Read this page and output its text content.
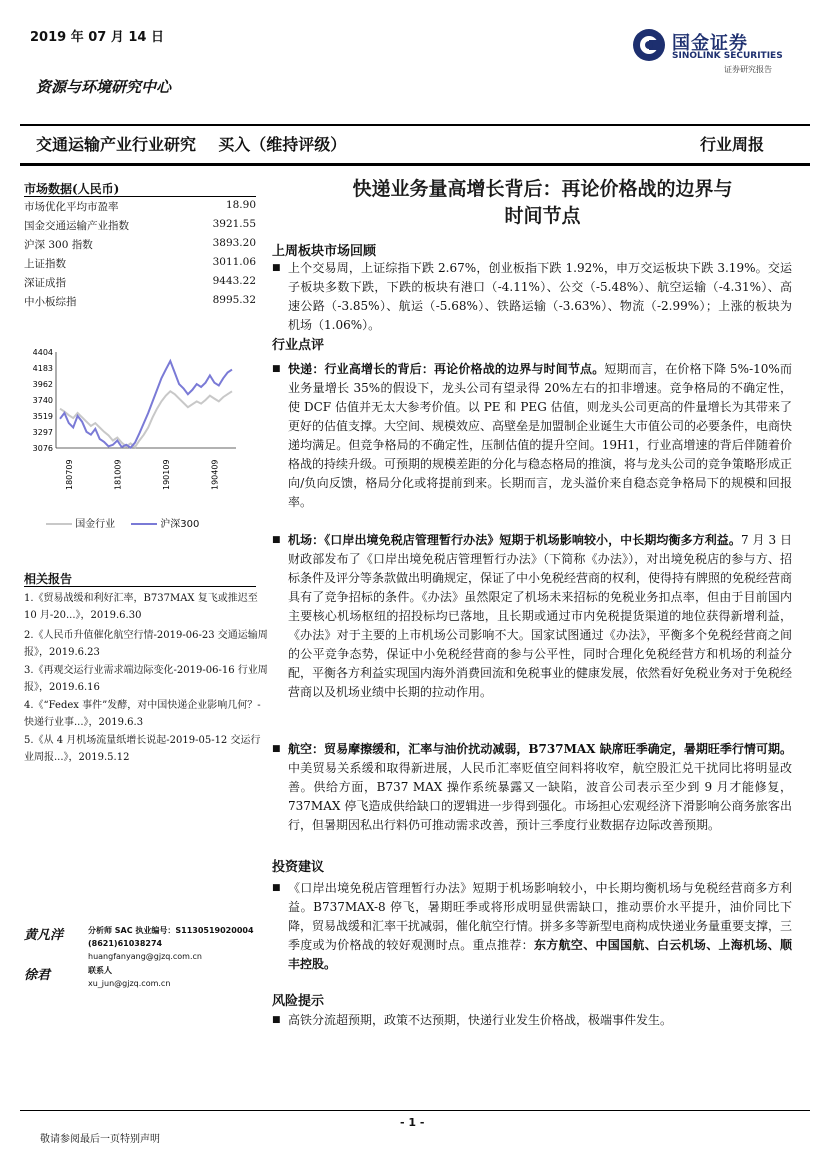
2019 年 07 月 14 日	国金证券
SINOLINK SECURITIES
证券研究报告
资源与环境研究中心
交通运输产业行业研究    买入（维持评级）	行业周报
市场数据(人民币)
市场优化平均市盈率	18.90
国金交通运输产业指数	3921.55
沪深 300 指数	3893.20
上证指数	3011.06
深证成指	9443.22
中小板综指	8995.32
4404
4183
3962
3740
3519
3297
3076
180709	181009	190109	190409
国金行业	沪深300
相关报告
1.《贸易战缓和利好汇率，B737MAX 复飞或推迟至 10 月-20...》，2019.6.30
2.《人民币升值催化航空行情-2019-06-23 交通运输周报》，2019.6.23
3.《再观交运行业需求端边际变化-2019-06-16 行业周报》，2019.6.16
4.《“Fedex 事件”发酵，对中国快递企业影响几何？-快递行业事...》，2019.6.3
5.《从 4 月机场流量纸增长说起-2019-05-12 交运行业周报...》，2019.5.12
黄凡洋	分析师 SAC 执业编号：S1130519020004
(8621)61038274
huangfanyang@gjzq.com.cn
徐君	联系人
xu_jun@gjzq.com.cn
快递业务量高增长背后：再论价格战的边界与
时间节点
上周板块市场回顾
■ 上个交易周，上证综指下跌 2.67%，创业板指下跌 1.92%，申万交运板块下跌 3.19%。交运子板块多数下跌，下跌的板块有港口（-4.11%）、公交（-5.48%）、航空运输（-4.31%）、高速公路（-3.85%）、航运（-5.68%）、铁路运输（-3.63%）、物流（-2.99%）；上涨的板块为机场（1.06%）。
行业点评
■ 快递：行业高增长的背后：再论价格战的边界与时间节点。短期而言，在价格下降 5%-10%而业务量增长 35%的假设下，龙头公司有望录得 20%左右的扣非增速。竞争格局的不确定性，使 DCF 估值并无太大参考价值。以 PE 和 PEG 估值，则龙头公司更高的件量增长为其带来了更好的估值支撑。大空间、规模效应、高壁垒是加盟制企业诞生大市值公司的必要条件，电商快递均满足。但竞争格局的不确定性，压制估值的提升空间。19H1，行业高增速的背后伴随着价格战的持续升级。可预期的规模差距的分化与稳态格局的推演，将与龙头公司的竞争策略形成正向/负向反馈，格局分化或将提前到来。长期而言，龙头溢价来自稳态竞争格局下的规模和回报率。
■ 机场：《口岸出境免税店管理暂行办法》短期于机场影响较小，中长期均衡多方利益。7 月 3 日财政部发布了《口岸出境免税店管理暂行办法》（下简称《办法》），对出境免税店的参与方、招标条件及评分等条款做出明确规定，保证了中小免税经营商的权利，使得持有牌照的免税经营商具有了竞争招标的条件。《办法》虽然限定了机场未来招标的免税业务扣点率，但由于目前国内主要核心机场枢纽的招投标均已落地，且长期或通过市内免税提货渠道的地位获得新增利益，《办法》对于主要的上市机场公司影响不大。国家试图通过《办法》，平衡多个免税经营商之间的公平竞争态势，保证中小免税经营商的参与公平性，同时合理化免税经营方和机场的利益分配，平衡各方利益实现国内海外消费回流和免税事业的健康发展，依然看好免税业务对于免税经营商以及机场业绩中长期的拉动作用。
■ 航空：贸易摩擦缓和，汇率与油价扰动减弱，B737MAX 缺席旺季确定，暑期旺季行情可期。中美贸易关系缓和取得新进展，人民币汇率贬值空间料将收窄，航空股汇兑干扰同比将明显改善。供给方面，B737 MAX 操作系统暴露又一缺陷，波音公司表示至少到 9 月才能修复，737MAX 停飞造成供给缺口的逻辑进一步得到强化。市场担心宏观经济下滑影响公商务旅客出行，但暑期因私出行料仍可推动需求改善，预计三季度行业数据存边际改善预期。
投资建议
■ 《口岸出境免税店管理暂行办法》短期于机场影响较小，中长期均衡机场与免税经营商多方利益。B737MAX-8 停飞，暑期旺季或将形成明显供需缺口，推动票价水平提升，油价同比下降，贸易战缓和汇率干扰减弱，催化航空行情。拼多多等新型电商构成快递业务量重要支撑，三季度或为价格战的较好观测时点。重点推荐：东方航空、中国国航、白云机场、上海机场、顺丰控股。
风险提示
■ 高铁分流超预期，政策不达预期，快递行业发生价格战，极端事件发生。
- 1 -
敬请参阅最后一页特别声明
